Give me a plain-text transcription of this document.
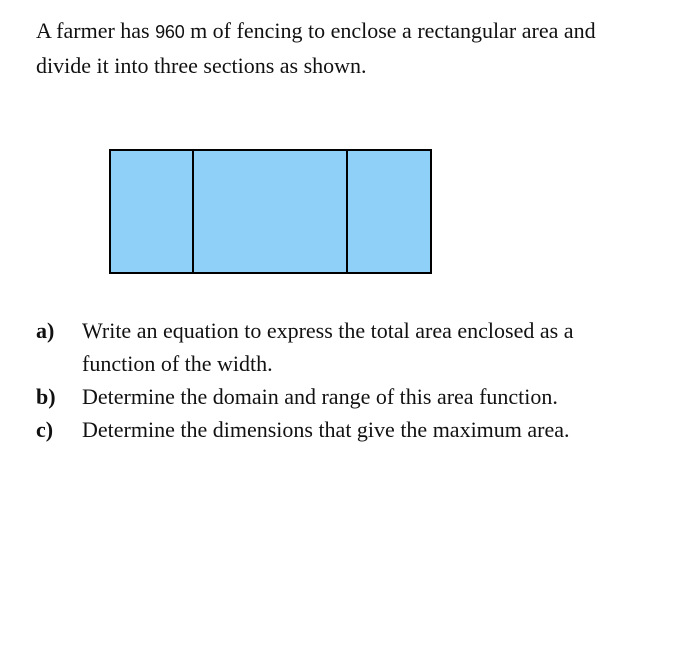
A farmer has 960 m of fencing to enclose a rectangular area and divide it into three sections as shown.
a)	Write an equation to express the total area enclosed as a function of the width.
b)	Determine the domain and range of this area function.
c)	Determine the dimensions that give the maximum area.
